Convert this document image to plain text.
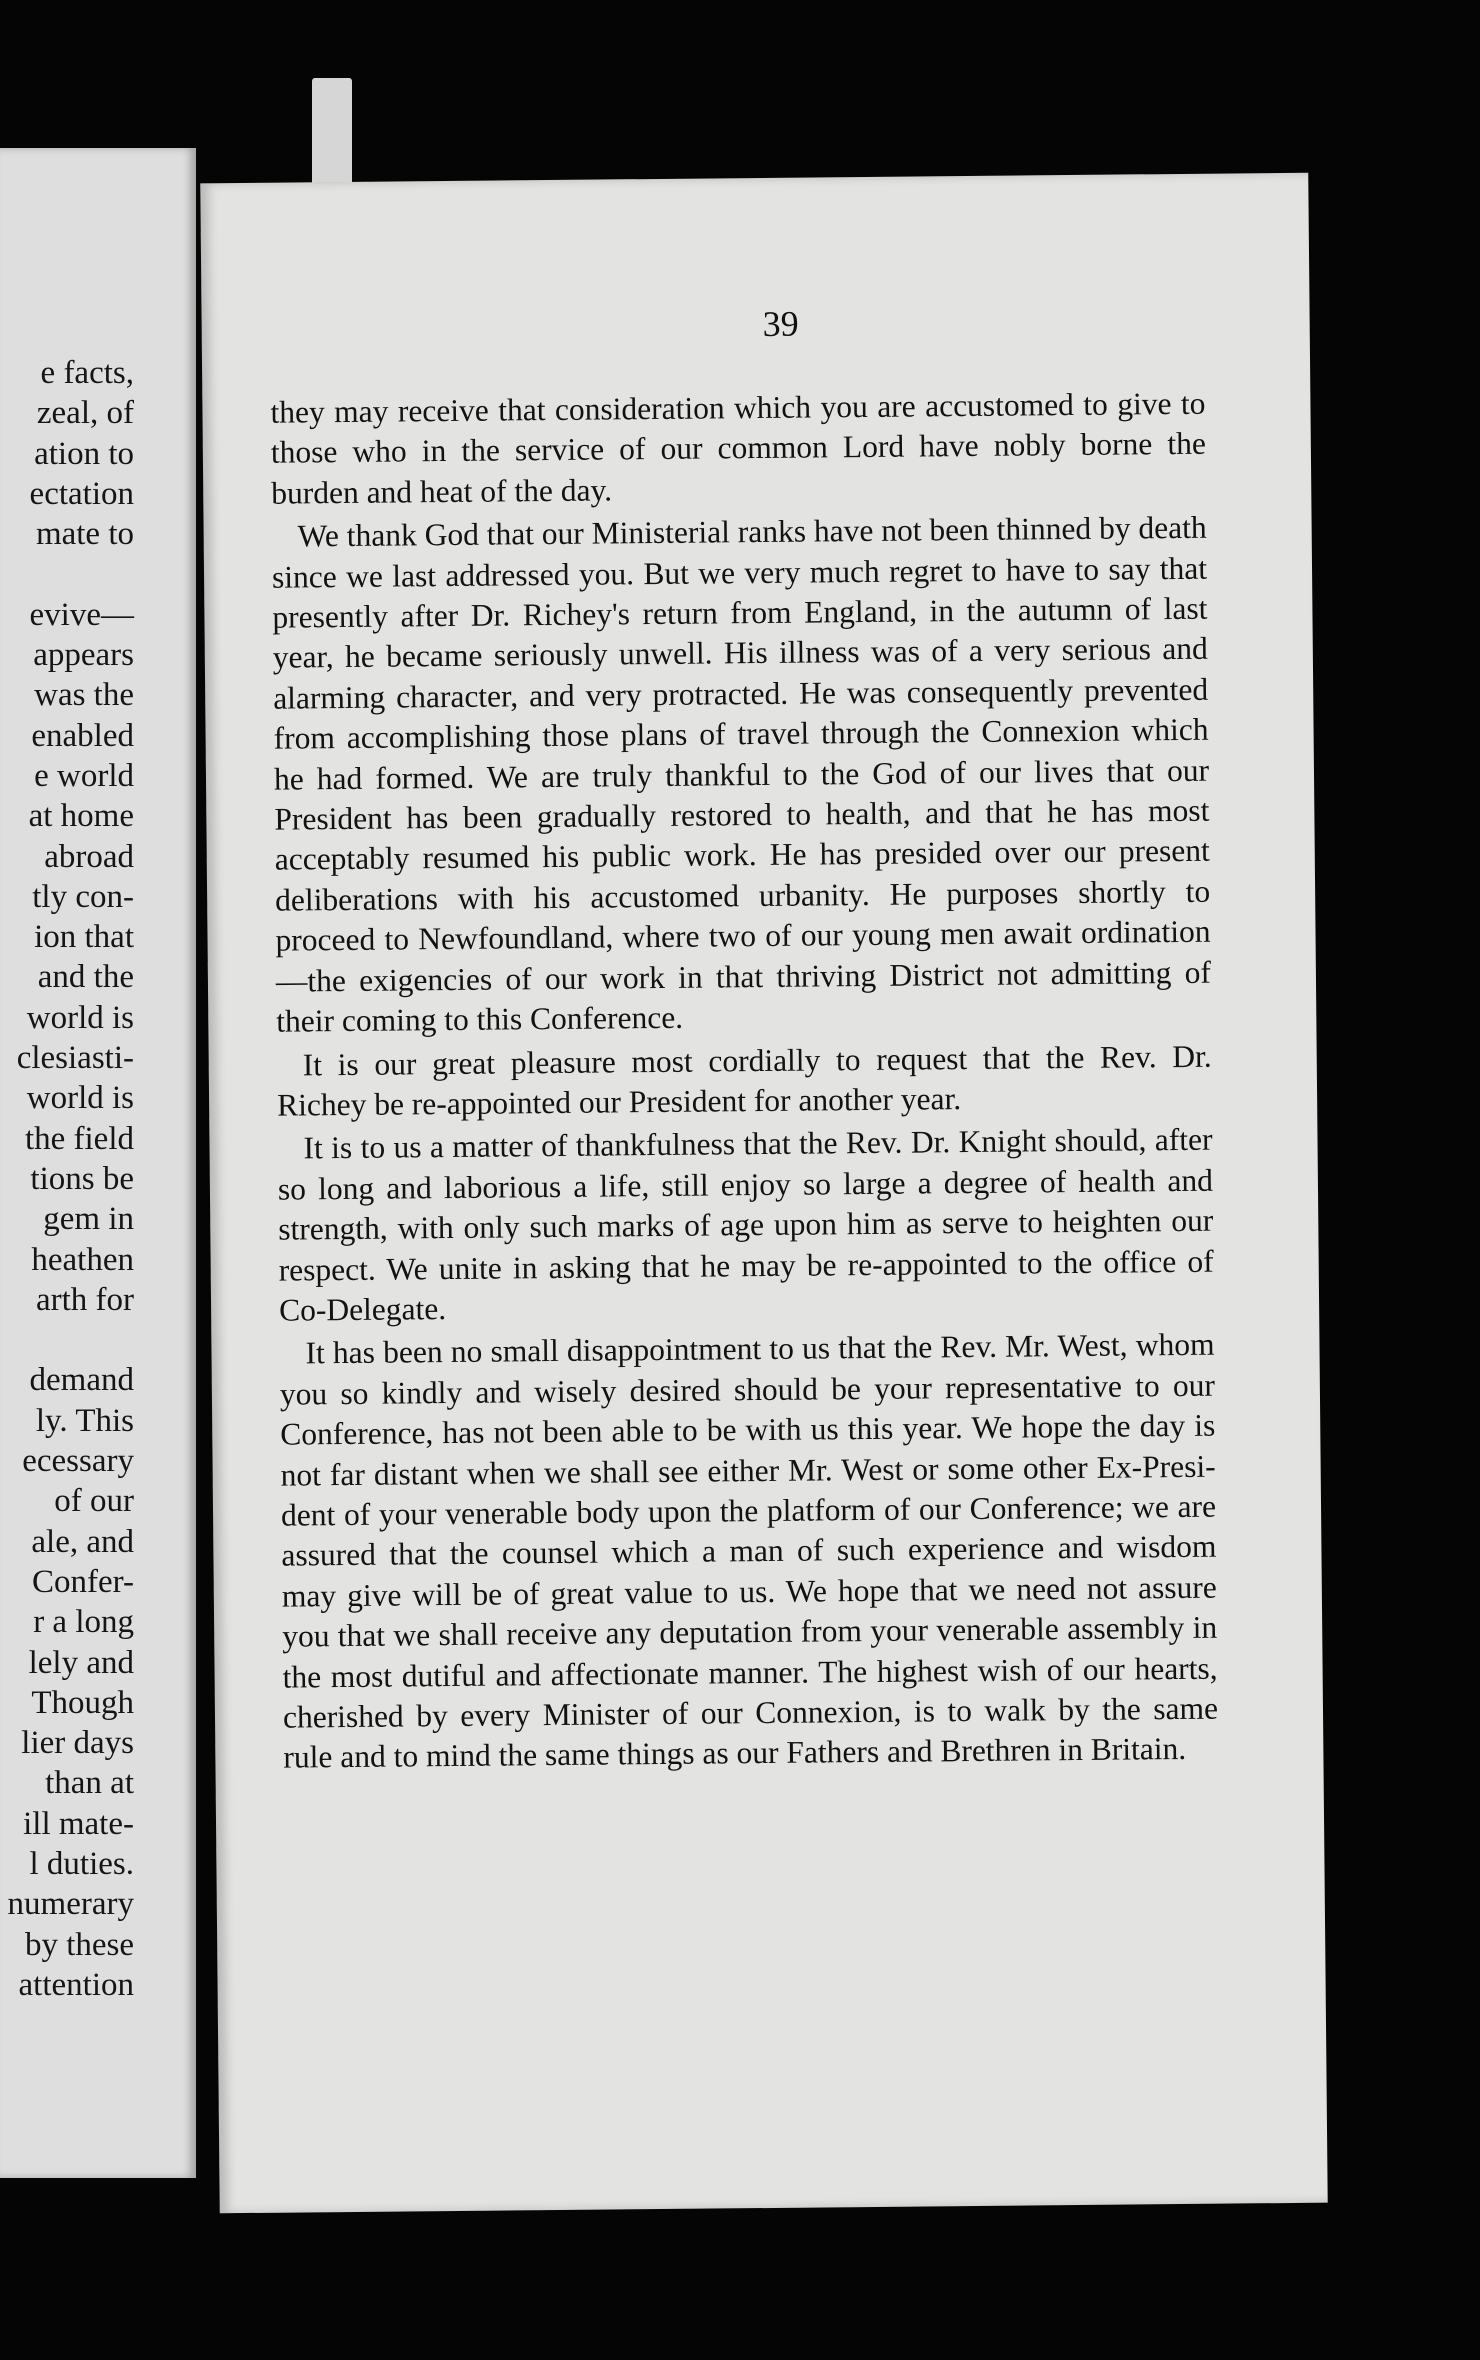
e facts,
zeal, of
ation to
ectation
mate to
evive—
appears
was the
enabled
e world
at home
abroad
tly con-
ion that
and the
world is
clesiasti-
world is
the field
tions be
gem in
heathen
arth for
demand
ly. This
ecessary
of our
ale, and
Confer-
r a long
lely and
Though
lier days
than at
ill mate-
l duties.
numerary
by these
attention
39

they may receive that consideration which you are accustomed to give to those who in the service of our common Lord have nobly borne the burden and heat of the day.

We thank God that our Ministerial ranks have not been thinned by death since we last addressed you. But we very much regret to have to say that presently after Dr. Richey's return from England, in the autumn of last year, he became seriously unwell. His illness was of a very serious and alarming character, and very protracted. He was consequently prevented from accomplishing those plans of travel through the Connexion which he had formed. We are truly thankful to the God of our lives that our President has been gradually restored to health, and that he has most acceptably resumed his public work. He has presided over our present deliberations with his accustomed urbanity. He purposes shortly to proceed to Newfoundland, where two of our young men await ordination—the exigencies of our work in that thriving District not admitting of their coming to this Conference.

It is our great pleasure most cordially to request that the Rev. Dr. Richey be re-appointed our President for another year.

It is to us a matter of thankfulness that the Rev. Dr. Knight should, after so long and laborious a life, still enjoy so large a degree of health and strength, with only such marks of age upon him as serve to heighten our respect. We unite in asking that he may be re-appointed to the office of Co-Delegate.

It has been no small disappointment to us that the Rev. Mr. West, whom you so kindly and wisely desired should be your representative to our Conference, has not been able to be with us this year. We hope the day is not far distant when we shall see either Mr. West or some other Ex-President of your venerable body upon the platform of our Conference; we are assured that the counsel which a man of such experience and wisdom may give will be of great value to us. We hope that we need not assure you that we shall receive any deputation from your venerable assembly in the most dutiful and affectionate manner. The highest wish of our hearts, cherished by every Minister of our Connexion, is to walk by the same rule and to mind the same things as our Fathers and Brethren in Britain.
